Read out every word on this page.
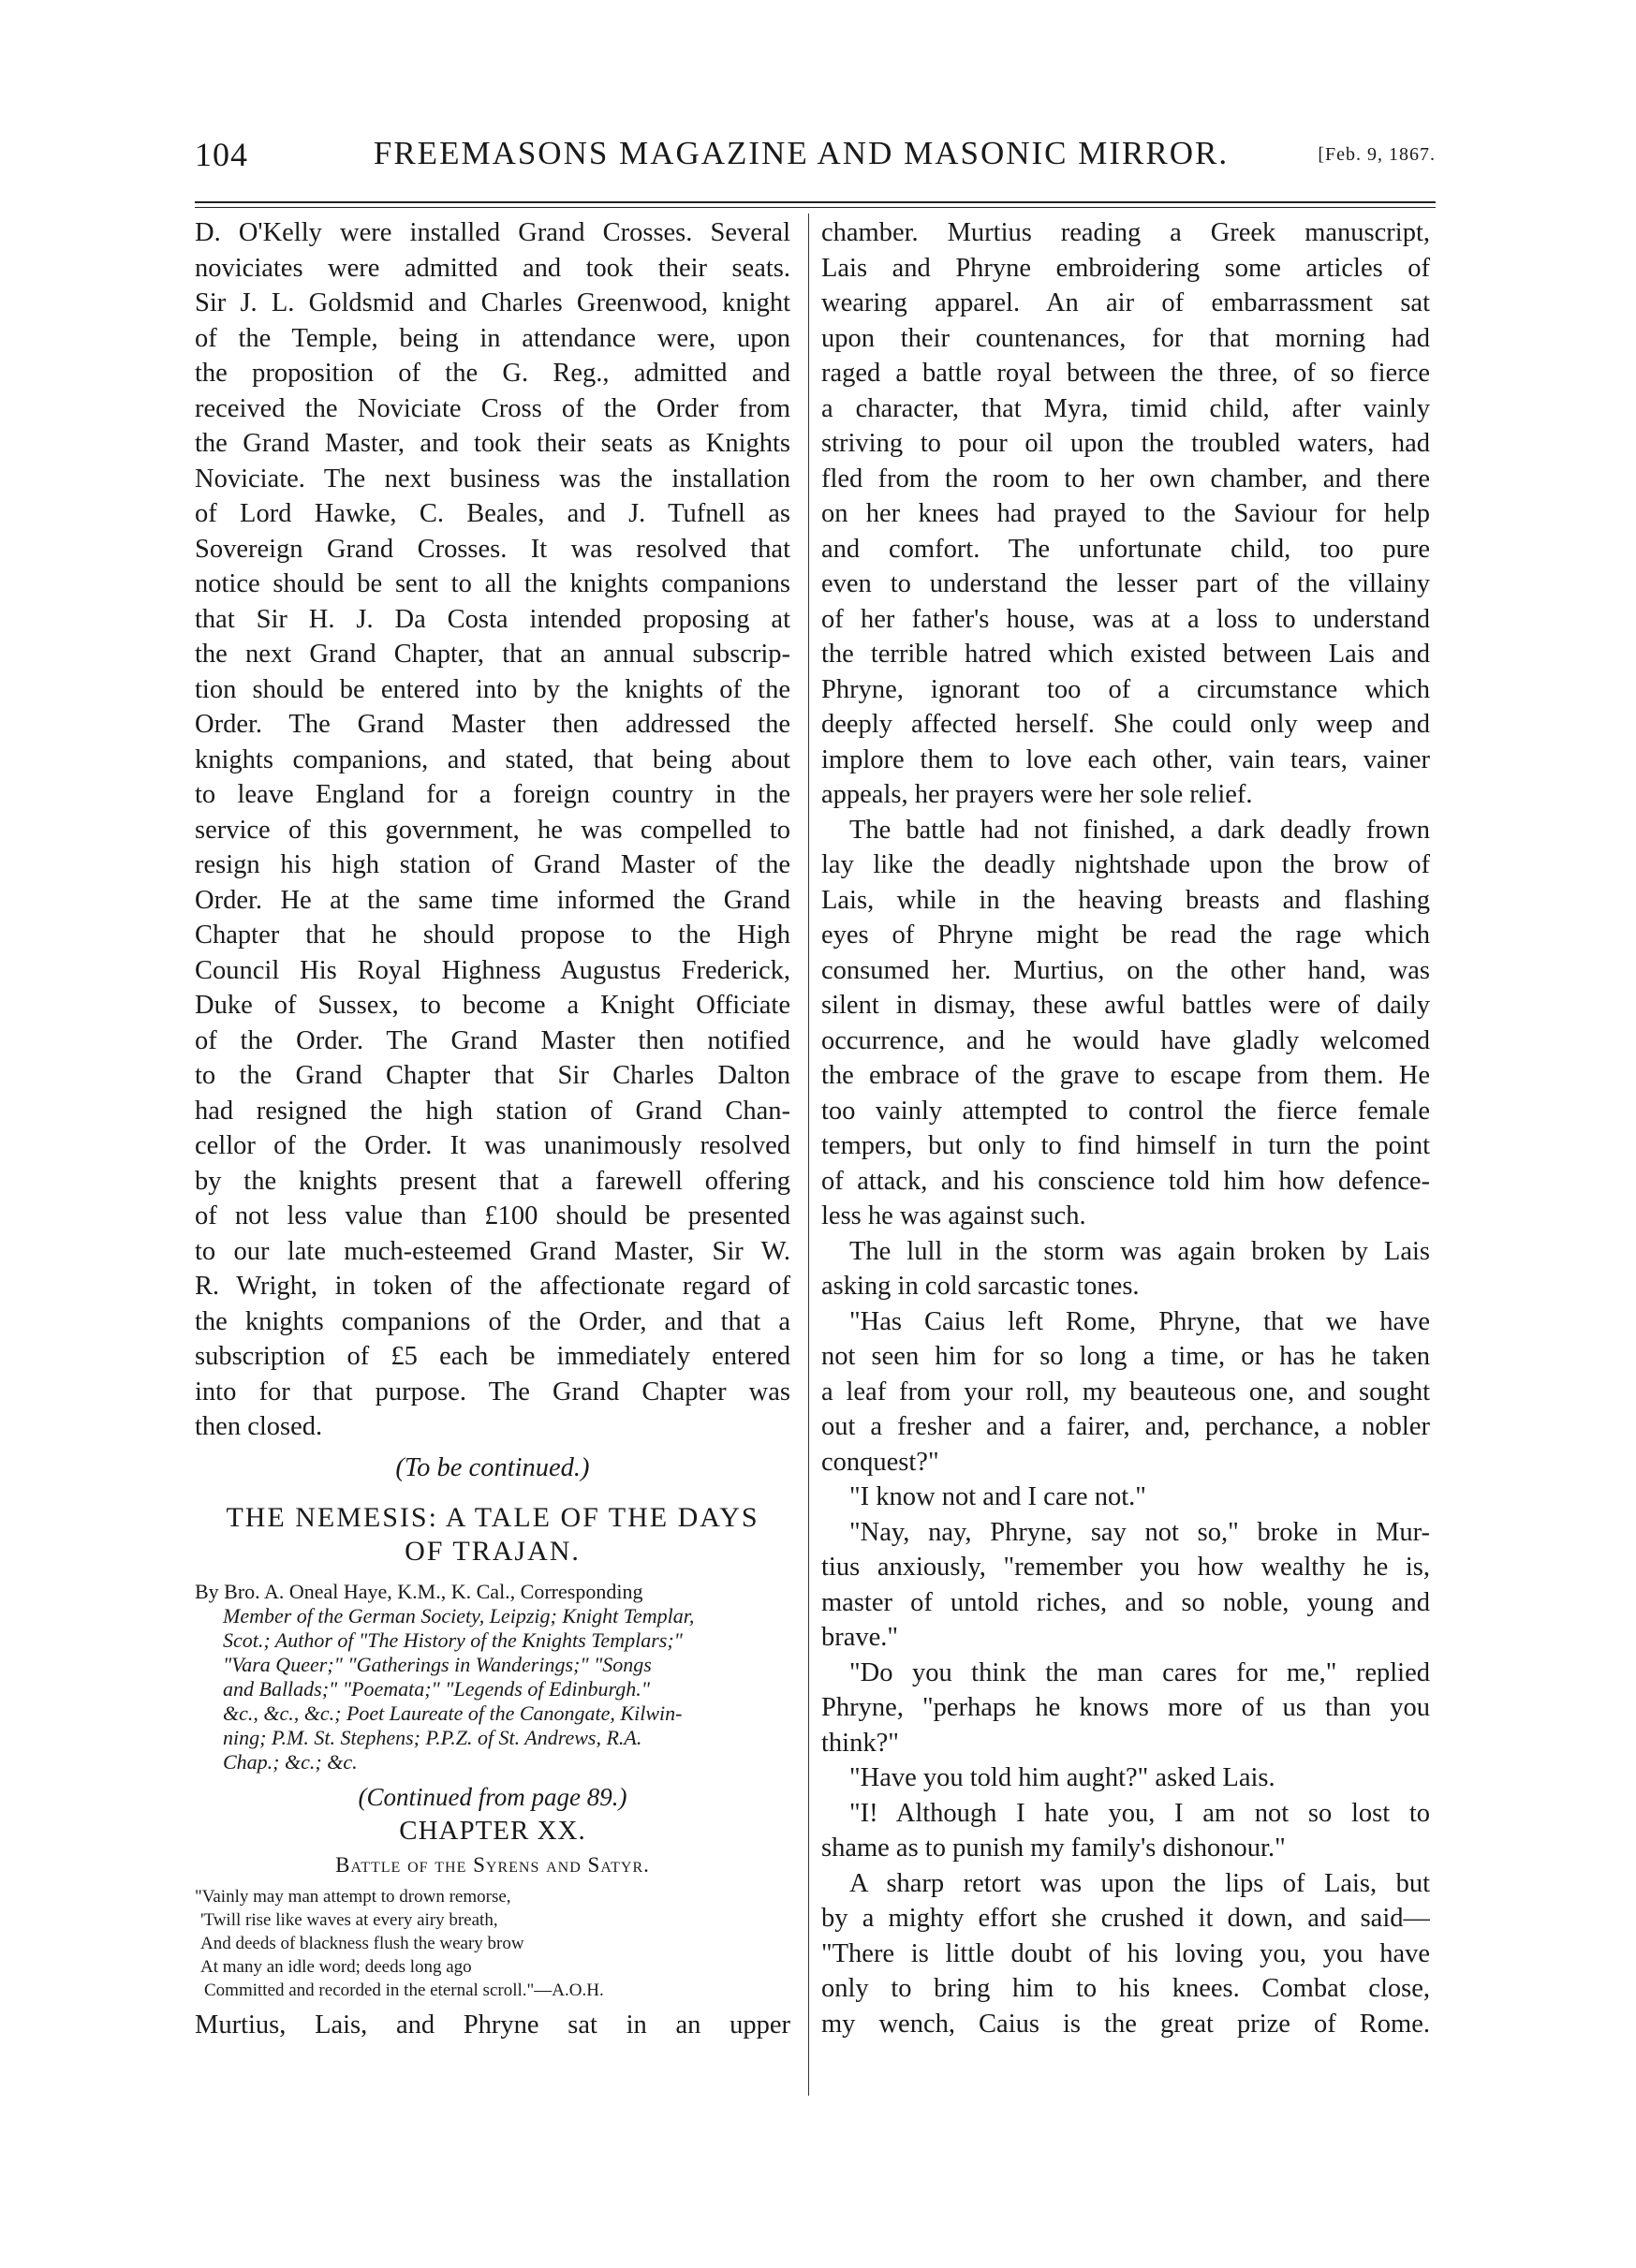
104	FREEMASONS MAGAZINE AND MASONIC MIRROR.	[Feb. 9, 1867.
D. O'Kelly were installed Grand Crosses. Several
noviciates were admitted and took their seats.
Sir J. L. Goldsmid and Charles Greenwood, knight
of the Temple, being in attendance were, upon
the proposition of the G. Reg., admitted and
received the Noviciate Cross of the Order from
the Grand Master, and took their seats as Knights
Noviciate. The next business was the installation
of Lord Hawke, C. Beales, and J. Tufnell as
Sovereign Grand Crosses. It was resolved that
notice should be sent to all the knights companions
that Sir H. J. Da Costa intended proposing at
the next Grand Chapter, that an annual subscrip-
tion should be entered into by the knights of the
Order. The Grand Master then addressed the
knights companions, and stated, that being about
to leave England for a foreign country in the
service of this government, he was compelled to
resign his high station of Grand Master of the
Order. He at the same time informed the Grand
Chapter that he should propose to the High
Council His Royal Highness Augustus Frederick,
Duke of Sussex, to become a Knight Officiate
of the Order. The Grand Master then notified
to the Grand Chapter that Sir Charles Dalton
had resigned the high station of Grand Chan-
cellor of the Order. It was unanimously resolved
by the knights present that a farewell offering
of not less value than £100 should be presented
to our late much-esteemed Grand Master, Sir W.
R. Wright, in token of the affectionate regard of
the knights companions of the Order, and that a
subscription of £5 each be immediately entered
into for that purpose. The Grand Chapter was
then closed.
(To be continued.)
THE NEMESIS: A TALE OF THE DAYS
OF TRAJAN.
By Bro. A. Oneal Haye, K.M., K. Cal., Corresponding
Member of the German Society, Leipzig; Knight Templar,
Scot.; Author of "The History of the Knights Templars;"
"Vara Queer;" "Gatherings in Wanderings;" "Songs
and Ballads;" "Poemata;" "Legends of Edinburgh."
&c., &c., &c.; Poet Laureate of the Canongate, Kilwin-
ning; P.M. St. Stephens; P.P.Z. of St. Andrews, R.A.
Chap.; &c.; &c.
(Continued from page 89.)
CHAPTER XX.
Battle of the Syrens and Satyr.
"Vainly may man attempt to drown remorse,
'Twill rise like waves at every airy breath,
And deeds of blackness flush the weary brow
At many an idle word; deeds long ago
Committed and recorded in the eternal scroll."—A.O.H.
Murtius, Lais, and Phryne sat in an upper
chamber. Murtius reading a Greek manuscript,
Lais and Phryne embroidering some articles of
wearing apparel. An air of embarrassment sat
upon their countenances, for that morning had
raged a battle royal between the three, of so fierce
a character, that Myra, timid child, after vainly
striving to pour oil upon the troubled waters, had
fled from the room to her own chamber, and there
on her knees had prayed to the Saviour for help
and comfort. The unfortunate child, too pure
even to understand the lesser part of the villainy
of her father's house, was at a loss to understand
the terrible hatred which existed between Lais and
Phryne, ignorant too of a circumstance which
deeply affected herself. She could only weep and
implore them to love each other, vain tears, vainer
appeals, her prayers were her sole relief.
The battle had not finished, a dark deadly frown
lay like the deadly nightshade upon the brow of
Lais, while in the heaving breasts and flashing
eyes of Phryne might be read the rage which
consumed her. Murtius, on the other hand, was
silent in dismay, these awful battles were of daily
occurrence, and he would have gladly welcomed
the embrace of the grave to escape from them. He
too vainly attempted to control the fierce female
tempers, but only to find himself in turn the point
of attack, and his conscience told him how defence-
less he was against such.
The lull in the storm was again broken by Lais
asking in cold sarcastic tones.
"Has Caius left Rome, Phryne, that we have
not seen him for so long a time, or has he taken
a leaf from your roll, my beauteous one, and sought
out a fresher and a fairer, and, perchance, a nobler
conquest?"
"I know not and I care not."
"Nay, nay, Phryne, say not so," broke in Mur-
tius anxiously, "remember you how wealthy he is,
master of untold riches, and so noble, young and
brave."
"Do you think the man cares for me," replied
Phryne, "perhaps he knows more of us than you
think?"
"Have you told him aught?" asked Lais.
"I! Although I hate you, I am not so lost to
shame as to punish my family's dishonour."
A sharp retort was upon the lips of Lais, but
by a mighty effort she crushed it down, and said—
"There is little doubt of his loving you, you have
only to bring him to his knees. Combat close,
my wench, Caius is the great prize of Rome.
